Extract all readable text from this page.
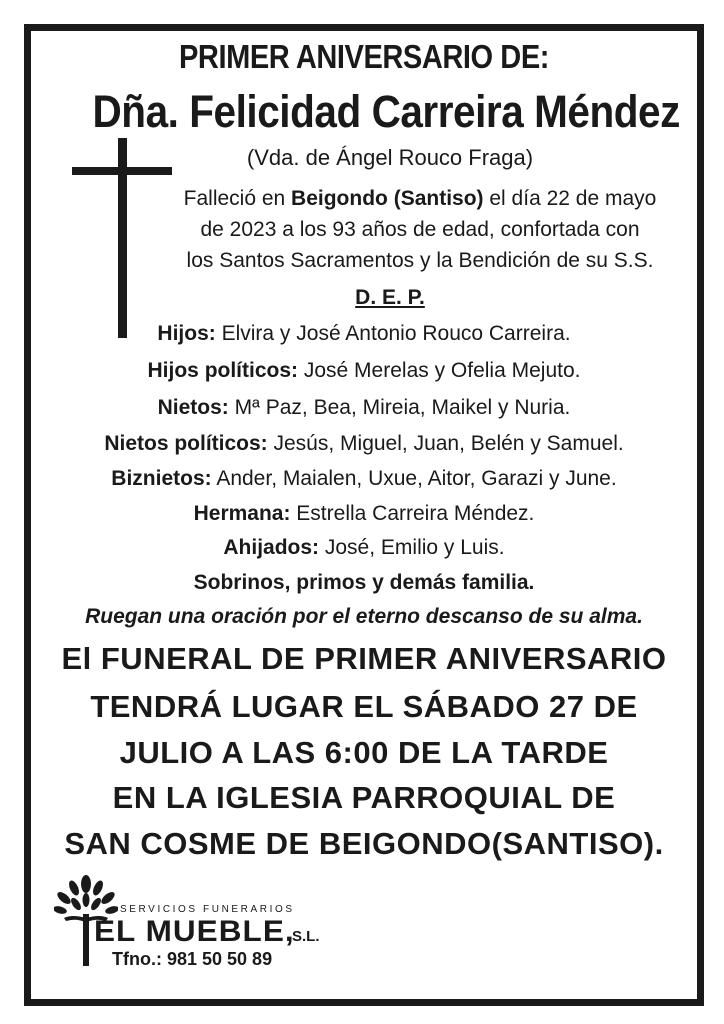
PRIMER ANIVERSARIO DE:
Dña. Felicidad Carreira Méndez
(Vda. de Ángel Rouco Fraga)
Falleció en Beigondo (Santiso) el día 22 de mayo
de 2023 a los 93 años de edad, confortada con
los Santos Sacramentos y la Bendición de su S.S.
D. E. P.
Hijos: Elvira y José Antonio Rouco Carreira.
Hijos políticos: José Merelas y Ofelia Mejuto.
Nietos: Mª Paz, Bea, Mireia, Maikel y Nuria.
Nietos políticos: Jesús, Miguel, Juan, Belén y Samuel.
Biznietos: Ander, Maialen, Uxue, Aitor, Garazi y June.
Hermana: Estrella Carreira Méndez.
Ahijados: José, Emilio y Luis.
Sobrinos, primos y demás familia.
Ruegan una oración por el eterno descanso de su alma.
El FUNERAL DE PRIMER ANIVERSARIO
TENDRÁ LUGAR EL SÁBADO 27 DE
JULIO A LAS 6:00 DE LA TARDE
EN LA IGLESIA PARROQUIAL DE
SAN COSME DE BEIGONDO(SANTISO).
SERVICIOS FUNERARIOS
EL MUEBLE,
S.L.
Tfno.: 981 50 50 89
